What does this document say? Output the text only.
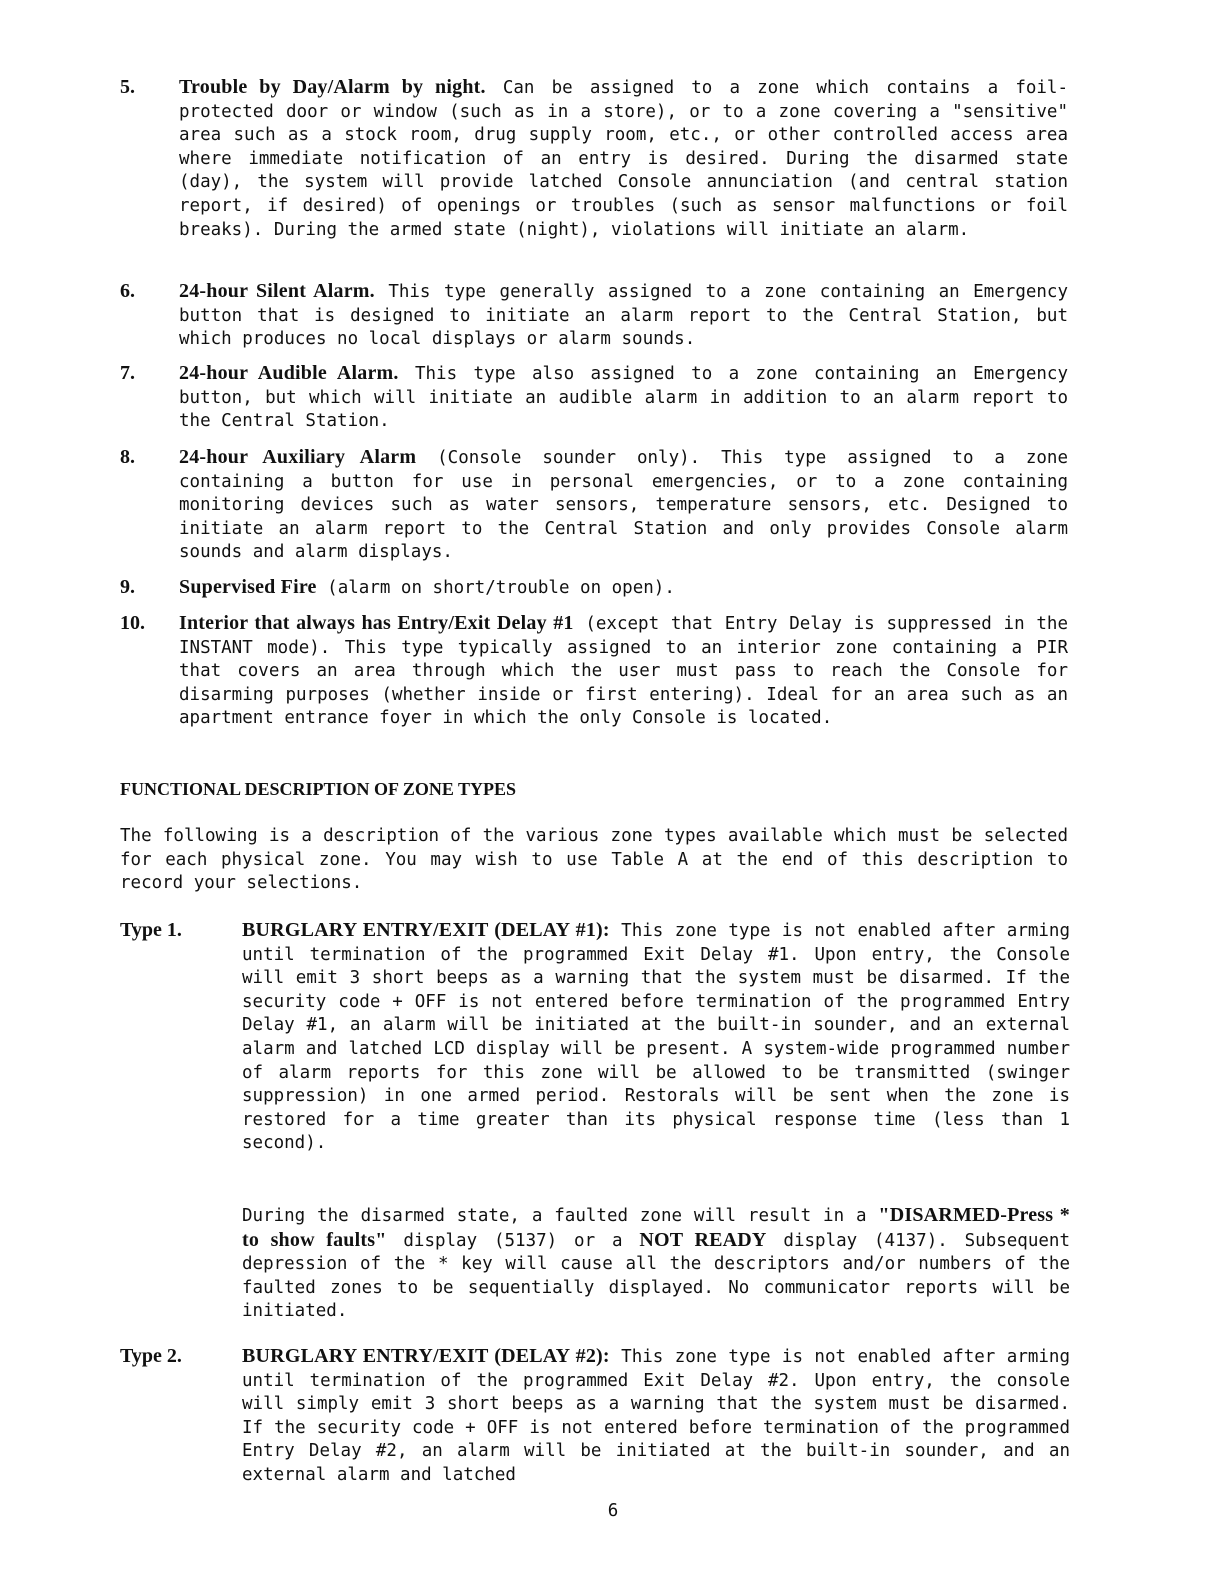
5.	Trouble by Day/Alarm by night. Can be assigned to a zone which contains a foil-protected door or window (such as in a store), or to a zone covering a "sensitive" area such as a stock room, drug supply room, etc., or other controlled access area where immediate notification of an entry is desired. During the disarmed state (day), the system will provide latched Console annunciation (and central station report, if desired) of openings or troubles (such as sensor malfunctions or foil breaks). During the armed state (night), violations will initiate an alarm.
6.	24-hour Silent Alarm. This type generally assigned to a zone containing an Emergency button that is designed to initiate an alarm report to the Central Station, but which produces no local displays or alarm sounds.
7.	24-hour Audible Alarm. This type also assigned to a zone containing an Emergency button, but which will initiate an audible alarm in addition to an alarm report to the Central Station.
8.	24-hour Auxiliary Alarm (Console sounder only). This type assigned to a zone containing a button for use in personal emergencies, or to a zone containing monitoring devices such as water sensors, temperature sensors, etc. Designed to initiate an alarm report to the Central Station and only provides Console alarm sounds and alarm displays.
9.	Supervised Fire (alarm on short/trouble on open).
10.	Interior that always has Entry/Exit Delay #1 (except that Entry Delay is suppressed in the INSTANT mode). This type typically assigned to an interior zone containing a PIR that covers an area through which the user must pass to reach the Console for disarming purposes (whether inside or first entering). Ideal for an area such as an apartment entrance foyer in which the only Console is located.
FUNCTIONAL DESCRIPTION OF ZONE TYPES
The following is a description of the various zone types available which must be selected for each physical zone. You may wish to use Table A at the end of this description to record your selections.
Type 1.	BURGLARY ENTRY/EXIT (DELAY #1): This zone type is not enabled after arming until termination of the programmed Exit Delay #1. Upon entry, the Console will emit 3 short beeps as a warning that the system must be disarmed. If the security code + OFF is not entered before termination of the programmed Entry Delay #1, an alarm will be initiated at the built-in sounder, and an external alarm and latched LCD display will be present. A system-wide programmed number of alarm reports for this zone will be allowed to be transmitted (swinger suppression) in one armed period. Restorals will be sent when the zone is restored for a time greater than its physical response time (less than 1 second).
During the disarmed state, a faulted zone will result in a "DISARMED-Press * to show faults" display (5137) or a NOT READY display (4137). Subsequent depression of the * key will cause all the descriptors and/or numbers of the faulted zones to be sequentially displayed. No communicator reports will be initiated.
Type 2.	BURGLARY ENTRY/EXIT (DELAY #2): This zone type is not enabled after arming until termination of the programmed Exit Delay #2. Upon entry, the console will simply emit 3 short beeps as a warning that the system must be disarmed. If the security code + OFF is not entered before termination of the programmed Entry Delay #2, an alarm will be initiated at the built-in sounder, and an external alarm and latched
6
